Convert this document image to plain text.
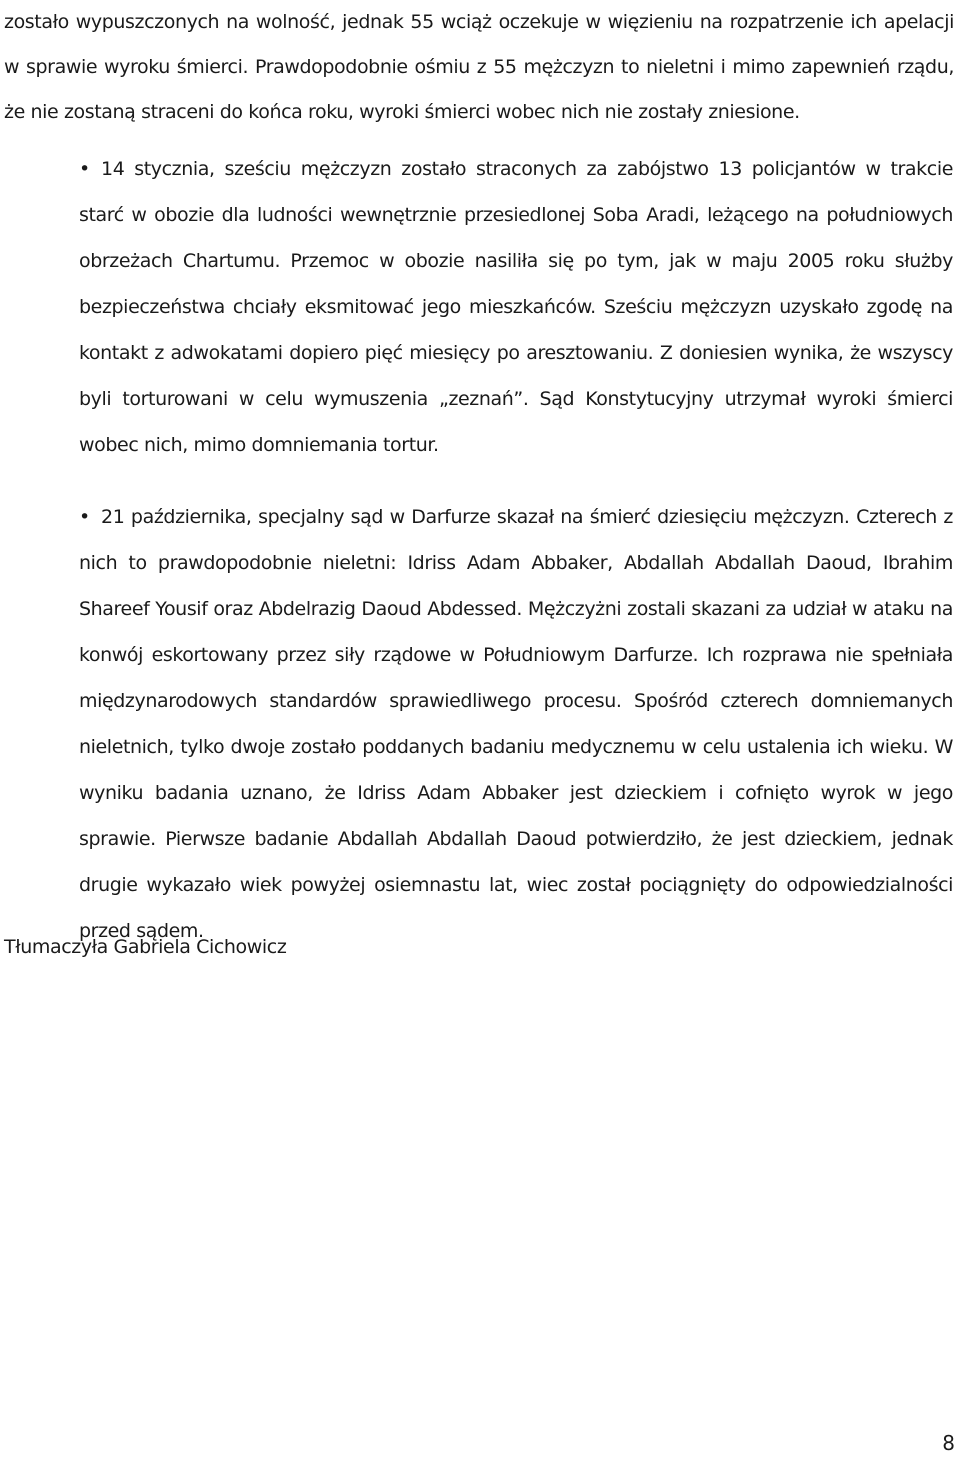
zostało wypuszczonych na wolność, jednak 55 wciąż oczekuje w więzieniu na rozpatrzenie ich apelacji w sprawie wyroku śmierci. Prawdopodobnie ośmiu z 55 mężczyzn to nieletni i mimo zapewnień rządu, że nie zostaną straceni do końca roku, wyroki śmierci wobec nich nie zostały zniesione.

• 14 stycznia, sześciu mężczyzn zostało straconych za zabójstwo 13 policjantów w trakcie starć w obozie dla ludności wewnętrznie przesiedlonej Soba Aradi, leżącego na południowych obrzeżach Chartumu. Przemoc w obozie nasiliła się po tym, jak w maju 2005 roku służby bezpieczeństwa chciały eksmitować jego mieszkańców. Sześciu mężczyzn uzyskało zgodę na kontakt z adwokatami dopiero pięć miesięcy po aresztowaniu. Z doniesien wynika, że wszyscy byli torturowani w celu wymuszenia „zeznań”. Sąd Konstytucyjny utrzymał wyroki śmierci wobec nich, mimo domniemania tortur.
• 21 października, specjalny sąd w Darfurze skazał na śmierć dziesięciu mężczyzn. Czterech z nich to prawdopodobnie nieletni: Idriss Adam Abbaker, Abdallah Abdallah Daoud, Ibrahim Shareef Yousif oraz Abdelrazig Daoud Abdessed. Mężczyżni zostali skazani za udział w ataku na konwój eskortowany przez siły rządowe w Południowym Darfurze. Ich rozprawa nie spełniała międzynarodowych standardów sprawiedliwego procesu. Spośród czterech domniemanych nieletnich, tylko dwoje zostało poddanych badaniu medycznemu w celu ustalenia ich wieku. W wyniku badania uznano, że Idriss Adam Abbaker jest dzieckiem i cofnięto wyrok w jego sprawie. Pierwsze badanie Abdallah Abdallah Daoud potwierdziło, że jest dzieckiem, jednak drugie wykazało wiek powyżej osiemnastu lat, wiec został pociągnięty do odpowiedzialności przed sądem.

Tłumaczyła Gabriela Cichowicz

8
